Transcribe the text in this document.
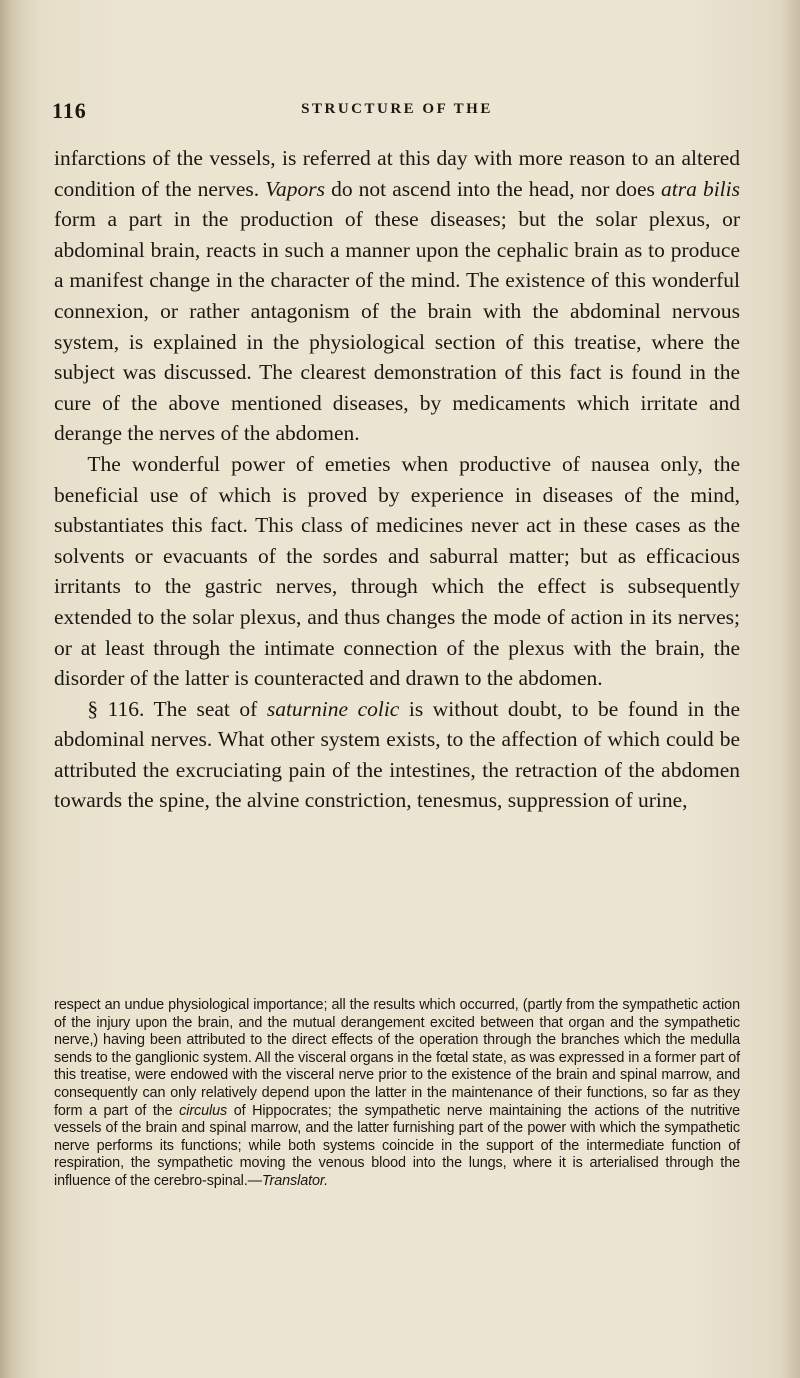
116	STRUCTURE OF THE

infarctions of the vessels, is referred at this day with more reason to an altered condition of the nerves. Vapors do not ascend into the head, nor does atra bilis form a part in the production of these diseases; but the solar plexus, or abdominal brain, reacts in such a manner upon the cephalic brain as to produce a manifest change in the character of the mind. The existence of this wonderful connexion, or rather antagonism of the brain with the abdominal nervous system, is explained in the physiological section of this treatise, where the subject was discussed. The clearest demonstration of this fact is found in the cure of the above mentioned diseases, by medicaments which irritate and derange the nerves of the abdomen.

The wonderful power of emeties when productive of nausea only, the beneficial use of which is proved by experience in diseases of the mind, substantiates this fact. This class of medicines never act in these cases as the solvents or evacuants of the sordes and saburral matter; but as efficacious irritants to the gastric nerves, through which the effect is subsequently extended to the solar plexus, and thus changes the mode of action in its nerves; or at least through the intimate connection of the plexus with the brain, the disorder of the latter is counteracted and drawn to the abdomen.

§ 116. The seat of saturnine colic is without doubt, to be found in the abdominal nerves. What other system exists, to the affection of which could be attributed the excruciating pain of the intestines, the retraction of the abdomen towards the spine, the alvine constriction, tenesmus, suppression of urine,

respect an undue physiological importance; all the results which occurred, (partly from the sympathetic action of the injury upon the brain, and the mutual derangement excited between that organ and the sympathetic nerve,) having been attributed to the direct effects of the operation through the branches which the medulla sends to the ganglionic system. All the visceral organs in the fœtal state, as was expressed in a former part of this treatise, were endowed with the visceral nerve prior to the existence of the brain and spinal marrow, and consequently can only relatively depend upon the latter in the maintenance of their functions, so far as they form a part of the circulus of Hippocrates; the sympathetic nerve maintaining the actions of the nutritive vessels of the brain and spinal marrow, and the latter furnishing part of the power with which the sympathetic nerve performs its functions; while both systems coincide in the support of the intermediate function of respiration, the sympathetic moving the venous blood into the lungs, where it is arterialised through the influence of the cerebro-spinal.—Translator.
